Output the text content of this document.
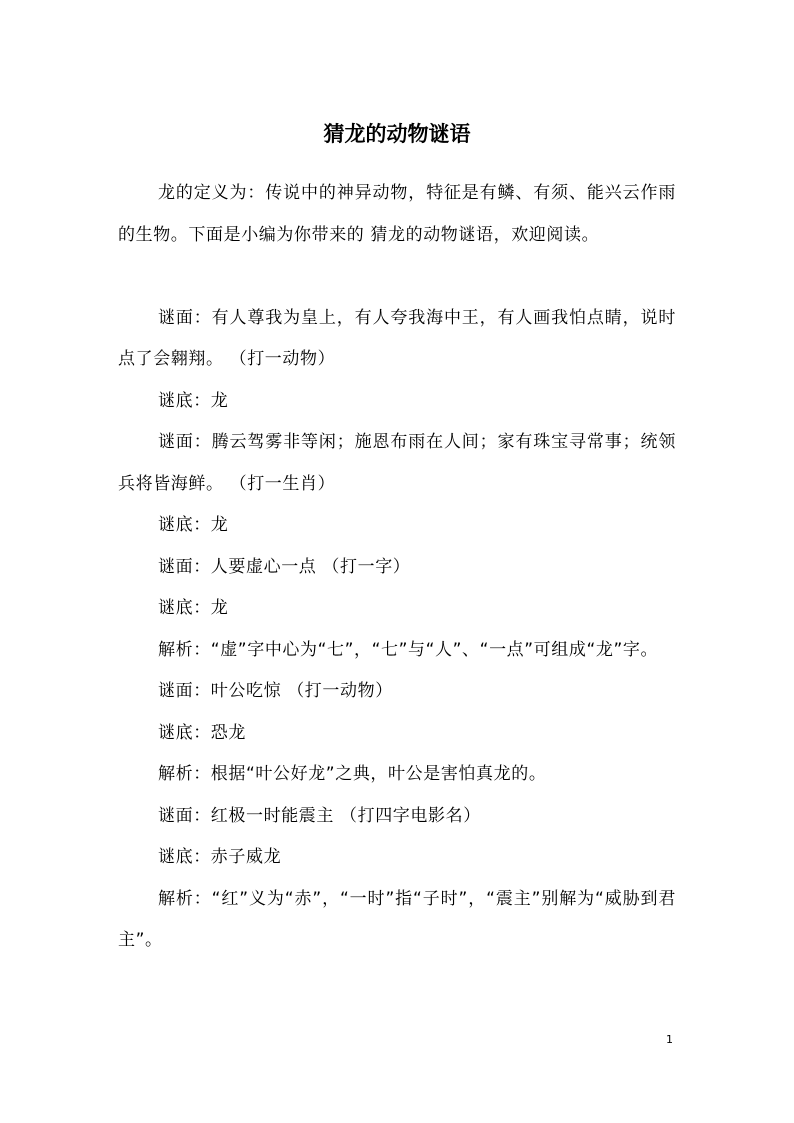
猜龙的动物谜语

龙的定义为：传说中的神异动物，特征是有鳞、有须、能兴云作雨的生物。下面是小编为你带来的 猜龙的动物谜语，欢迎阅读。

谜面：有人尊我为皇上，有人夸我海中王，有人画我怕点睛，说时点了会翱翔。 （打一动物）

谜底：龙

谜面：腾云驾雾非等闲；施恩布雨在人间；家有珠宝寻常事；统领兵将皆海鲜。 （打一生肖）

谜底：龙

谜面：人要虚心一点 （打一字）

谜底：龙

解析：“虚”字中心为“七”，“七”与“人”、“一点”可组成“龙”字。

谜面：叶公吃惊 （打一动物）

谜底：恐龙

解析：根据“叶公好龙”之典，叶公是害怕真龙的。

谜面：红极一时能震主 （打四字电影名）

谜底：赤子威龙

解析：“红”义为“赤”，“一时”指“子时”，“震主”别解为“威胁到君主”。

1
